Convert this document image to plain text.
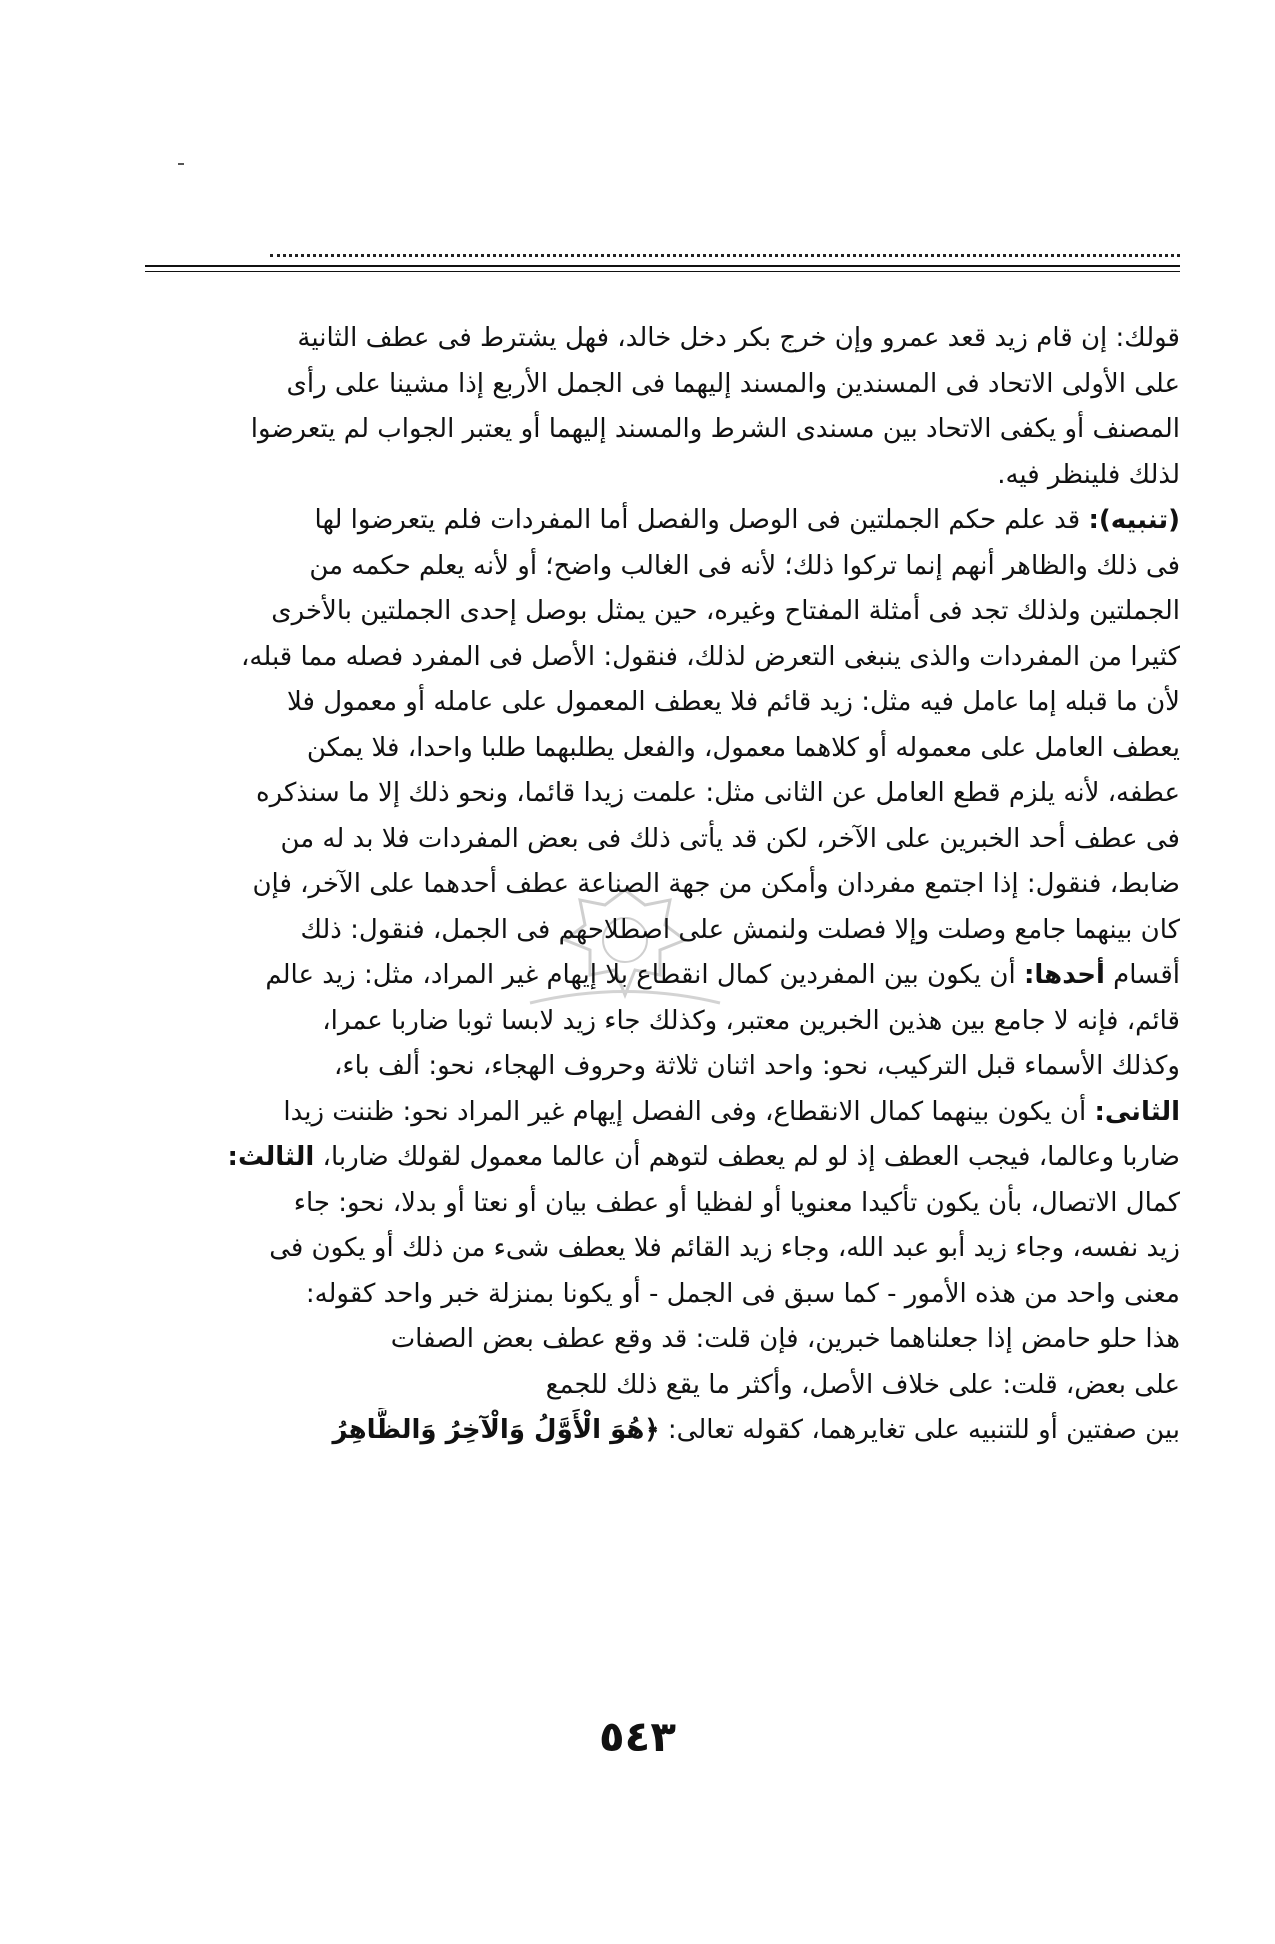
قولك: إن قام زيد قعد عمرو وإن خرج بكر دخل خالد، فهل يشترط فى عطف الثانية
على الأولى الاتحاد فى المسندين والمسند إليهما فى الجمل الأربع إذا مشينا على رأى
المصنف أو يكفى الاتحاد بين مسندى الشرط والمسند إليهما أو يعتبر الجواب لم يتعرضوا
لذلك فلينظر فيه.
(تنبيه): قد علم حكم الجملتين فى الوصل والفصل أما المفردات فلم يتعرضوا لها
فى ذلك والظاهر أنهم إنما تركوا ذلك؛ لأنه فى الغالب واضح؛ أو لأنه يعلم حكمه من
الجملتين ولذلك تجد فى أمثلة المفتاح وغيره، حين يمثل بوصل إحدى الجملتين بالأخرى
كثيرا من المفردات والذى ينبغى التعرض لذلك، فنقول: الأصل فى المفرد فصله مما قبله،
لأن ما قبله إما عامل فيه مثل: زيد قائم فلا يعطف المعمول على عامله أو معمول فلا
يعطف العامل على معموله أو كلاهما معمول، والفعل يطلبهما طلبا واحدا، فلا يمكن
عطفه، لأنه يلزم قطع العامل عن الثانى مثل: علمت زيدا قائما، ونحو ذلك إلا ما سنذكره
فى عطف أحد الخبرين على الآخر، لكن قد يأتى ذلك فى بعض المفردات فلا بد له من
ضابط، فنقول: إذا اجتمع مفردان وأمكن من جهة الصناعة عطف أحدهما على الآخر، فإن
كان بينهما جامع وصلت وإلا فصلت ولنمش على اصطلاحهم فى الجمل، فنقول: ذلك
أقسام أحدها: أن يكون بين المفردين كمال انقطاع بلا إيهام غير المراد، مثل: زيد عالم
قائم، فإنه لا جامع بين هذين الخبرين معتبر، وكذلك جاء زيد لابسا ثوبا ضاربا عمرا،
وكذلك الأسماء قبل التركيب، نحو: واحد اثنان ثلاثة وحروف الهجاء، نحو: ألف باء،
الثانى: أن يكون بينهما كمال الانقطاع، وفى الفصل إيهام غير المراد نحو: ظننت زيدا
ضاربا وعالما، فيجب العطف إذ لو لم يعطف لتوهم أن عالما معمول لقولك ضاربا، الثالث:
كمال الاتصال، بأن يكون تأكيدا معنويا أو لفظيا أو عطف بيان أو نعتا أو بدلا، نحو: جاء
زيد نفسه، وجاء زيد أبو عبد الله، وجاء زيد القائم فلا يعطف شىء من ذلك أو يكون فى
معنى واحد من هذه الأمور - كما سبق فى الجمل - أو يكونا بمنزلة خبر واحد كقوله:
هذا حلو حامض إذا جعلناهما خبرين، فإن قلت: قد وقع عطف بعض الصفات
على بعض، قلت: على خلاف الأصل، وأكثر ما يقع ذلك للجمع
بين صفتين أو للتنبيه على تغايرهما، كقوله تعالى: ﴿هُوَ الْأَوَّلُ وَالْآخِرُ وَالظَّاهِرُ
٥٤٣
